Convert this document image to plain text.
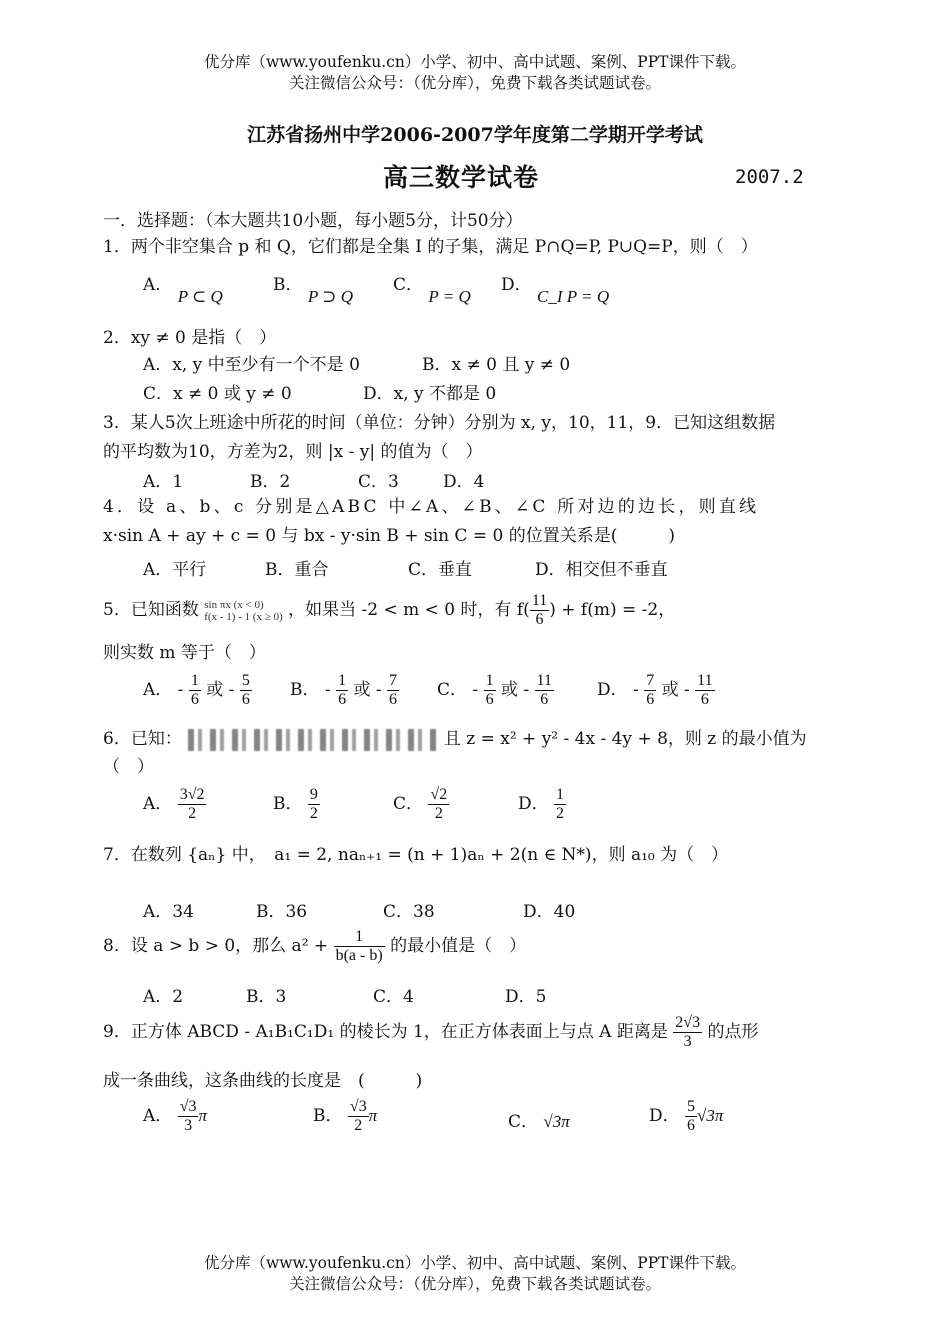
优分库（www.youfenku.cn）小学、初中、高中试题、案例、PPT课件下载。
关注微信公众号：（优分库），免费下载各类试题试卷。
江苏省扬州中学2006-2007学年度第二学期开学考试
高三数学试卷	2007.2
一．选择题：（本大题共10小题，每小题5分，计50分）
1．两个非空集合 p 和 Q，它们都是全集 I 的子集，满足 P∩Q=P, P∪Q=P，则（　）
A． P ⊂ Q
B． P ⊃ Q
C． P = Q
D． C_I P = Q
2．xy ≠ 0 是指（　）
A．x, y 中至少有一个不是 0	B．x ≠ 0 且 y ≠ 0
C．x ≠ 0 或 y ≠ 0	D．x, y 不都是 0
3．某人5次上班途中所花的时间（单位：分钟）分别为 x, y，10，11，9．已知这组数据
的平均数为10，方差为2，则 |x - y| 的值为（　）
A．1	B．2	C．3	D．4
4．设 a、b、c 分别是△ABC 中∠A、∠B、∠C 所对边的边长，则直线
x·sin A + ay + c = 0 与 bx - y·sin B + sin C = 0 的位置关系是(　　　)
A．平行	B．重合	C．垂直	D．相交但不垂直
5．已知函数 sin πx (x < 0)
f(x - 1) - 1 (x ≥ 0) ，如果当 -2 < m < 0 时，有 $f( \frac{11}{6}$ ) + f(m) = -2，
则实数 m 等于（　）
A． - $\frac{1}{6}$ 或 - $\frac{5}{6}$ B． - $\frac{1}{6}$ 或 - $\frac{7}{6}$ C． - $\frac{1}{6}$ 或 - $\frac{11}{6}$	D． - $\frac{7}{6}$ 或 - $\frac{11}{6}$
6．已知：	且 z = x² + y² - 4x - 4y + 8，则 z 的最小值为
（　）
A． $\frac{3√2}{2}$	B． $\frac{9}{2}$	C． $\frac{√2}{2}$	D． $\frac{1}{2}$
7．在数列 {aₙ} 中，　a₁ = 2, naₙ₊₁ = (n + 1)aₙ + 2(n ∈ N*)，则 a₁₀ 为（　）
A．34	B．36	C．38	D．40
8．设 a > b > 0，那么 $a^2 + \frac{1}{b(a - b)}$ 的最小值是（　）
A．2	B．3	C．4	D．5
9．正方体 ABCD - A₁B₁C₁D₁ 的棱长为 1，在正方体表面上与点 A 距离是 $\frac{2√3}{3}$ 的点形
成一条曲线，这条曲线的长度是　(　　　)
A． $\frac{√3}{3}$ π	B． $\frac{√3}{2}$ π	C． √3π	D． $\frac{5}{6} √3\pi$
优分库（www.youfenku.cn）小学、初中、高中试题、案例、PPT课件下载。
关注微信公众号：（优分库），免费下载各类试题试卷。
